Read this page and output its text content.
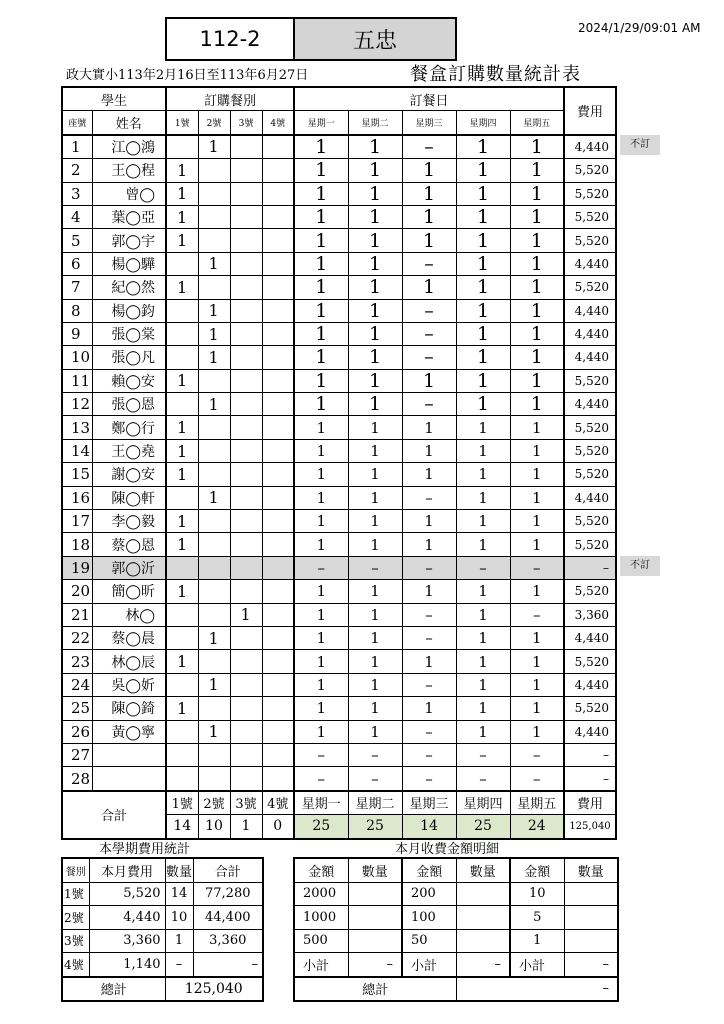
112-2	五忠
2024/1/29/09:01 AM
政大實小113年2月16日至113年6月27日	餐盒訂購數量統計表
學生		訂購餐別				訂餐日					費用
座號	姓名	1號	2號	3號	4號	星期一	星期二	星期三	星期四	星期五	
1	江◯鴻		1			1	1	–	1	1	4,440
2	王◯程	1				1	1	1	1	1	5,520
3	曾◯	1				1	1	1	1	1	5,520
4	葉◯亞	1				1	1	1	1	1	5,520
5	郭◯宇	1				1	1	1	1	1	5,520
6	楊◯驊		1			1	1	–	1	1	4,440
7	紀◯然	1				1	1	1	1	1	5,520
8	楊◯鈞		1			1	1	–	1	1	4,440
9	張◯棠		1			1	1	–	1	1	4,440
10	張◯凡		1			1	1	–	1	1	4,440
11	賴◯安	1				1	1	1	1	1	5,520
12	張◯恩		1			1	1	–	1	1	4,440
13	鄭◯行	1				1	1	1	1	1	5,520
14	王◯堯	1				1	1	1	1	1	5,520
15	謝◯安	1				1	1	1	1	1	5,520
16	陳◯軒		1			1	1	–	1	1	4,440
17	李◯毅	1				1	1	1	1	1	5,520
18	蔡◯恩	1				1	1	1	1	1	5,520
19	郭◯沂					–	–	–	–	–	–
20	簡◯昕	1				1	1	1	1	1	5,520
21	林◯			1		1	1	–	1	–	3,360
22	蔡◯晨		1			1	1	–	1	1	4,440
23	林◯辰	1				1	1	1	1	1	5,520
24	吳◯妡		1			1	1	–	1	1	4,440
25	陳◯錡	1				1	1	1	1	1	5,520
26	黃◯寧		1			1	1	–	1	1	4,440
27						–	–	–	–	–	–
28						–	–	–	–	–	–
合計		1號	2號	3號	4號	星期一	星期二	星期三	星期四	星期五	費用
		14	10	1	0	25	25	14	25	24	125,040
不訂
不訂
本學期費用統計	本月收費金額明細
餐別	本月費用	數量	合計
1號	5,520	14	77,280
2號	4,440	10	44,400
3號	3,360	1	3,360
4號	1,140	–	–
總計		125,040	
金額	數量	金額	數量	金額	數量
2000		200		10	
1000		100		5	
500		50		1	
小計	–	小計	–	小計	–
總計			–		
